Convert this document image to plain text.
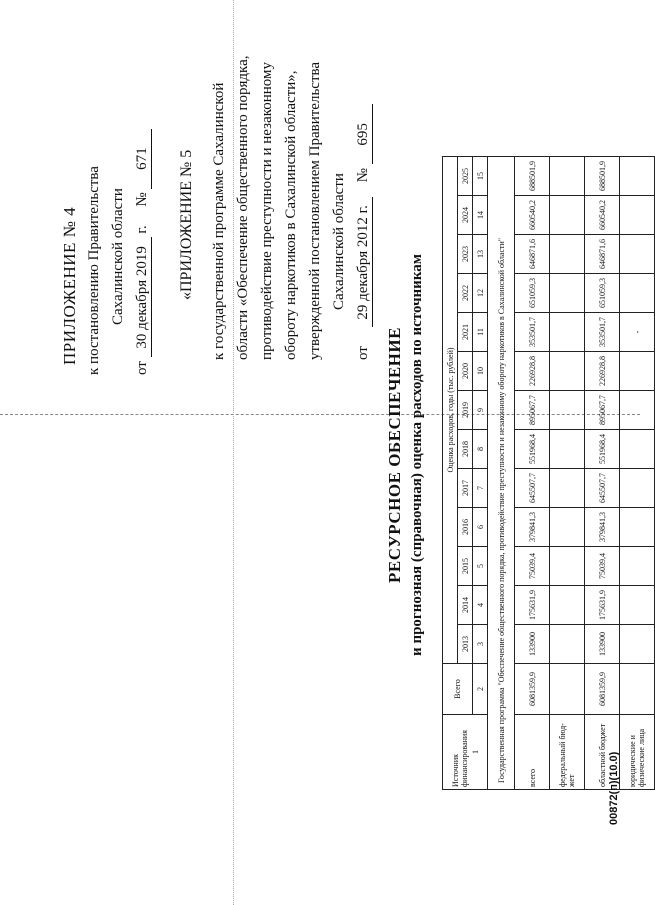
ПРИЛОЖЕНИЕ № 4 к постановлению Правительства Сахалинской области
от 30 декабря 2019 г.     № 671 «ПРИЛОЖЕНИЕ № 5 к государственной программе Сахалинской области «Обеспечение общественного порядка, противодействие преступности и незаконному обороту наркотиков в Сахалинской области», утвержденной постановлением Правительства Сахалинской области
от     29 декабря 2012 г.    № 695
РЕСУРСНОЕ ОБЕСПЕЧЕНИЕ и прогнозная (справочная) оценка расходов по источникам
Источник финансирования 1	Всего	Оценка расходов, годы (тыс. рублей)												
		2013	2014	2015	2016	2017	2018	2019	2020	2021	2022	2023	2024	2025
	2	3	4	5	6	7	8	9	10	11	12	13	14	15
Государственная программа "Обеспечение общественного порядка, противодействие преступности и незаконному обороту наркотиков в Сахалинской области"														
всего	6081359,9	133900	175631,9	75039,4	379841,3	645507,7	551968,4	895067,7	226928,8	353501,7	651059,3	646871,6	660540,2	688501,9
федеральный бюд-жет														
областной бюджет	6081359,9	133900	175631,9	75039,4	379841,3	645507,7	551968,4	895067,7	226928,8	353501,7	651059,3	646871,6	660540,2	688501,9
юридические и физические лица										-				
00872(п)(10.0)
